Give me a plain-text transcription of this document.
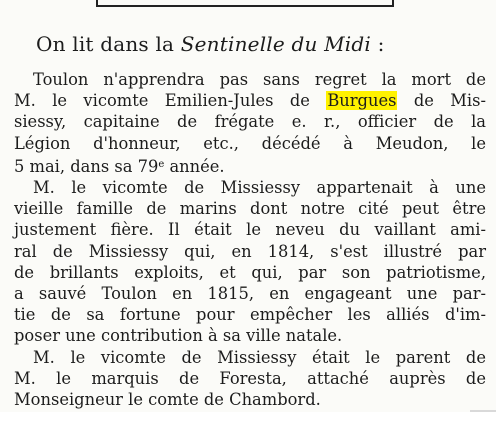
On lit dans la Sentinelle du Midi :
Toulon n'apprendra pas sans regret la mort de
M. le vicomte Emilien-Jules de Burgues de Mis-
siessy, capitaine de frégate e. r., officier de la
Légion d'honneur, etc., décédé à Meudon, le
5 mai, dans sa 79e année.
M. le vicomte de Missiessy appartenait à une
vieille famille de marins dont notre cité peut être
justement fière. Il était le neveu du vaillant ami-
ral de Missiessy qui, en 1814, s'est illustré par
de brillants exploits, et qui, par son patriotisme,
a sauvé Toulon en 1815, en engageant une par-
tie de sa fortune pour empêcher les alliés d'im-
poser une contribution à sa ville natale.
M. le vicomte de Missiessy était le parent de
M. le marquis de Foresta, attaché auprès de
Monseigneur le comte de Chambord.
